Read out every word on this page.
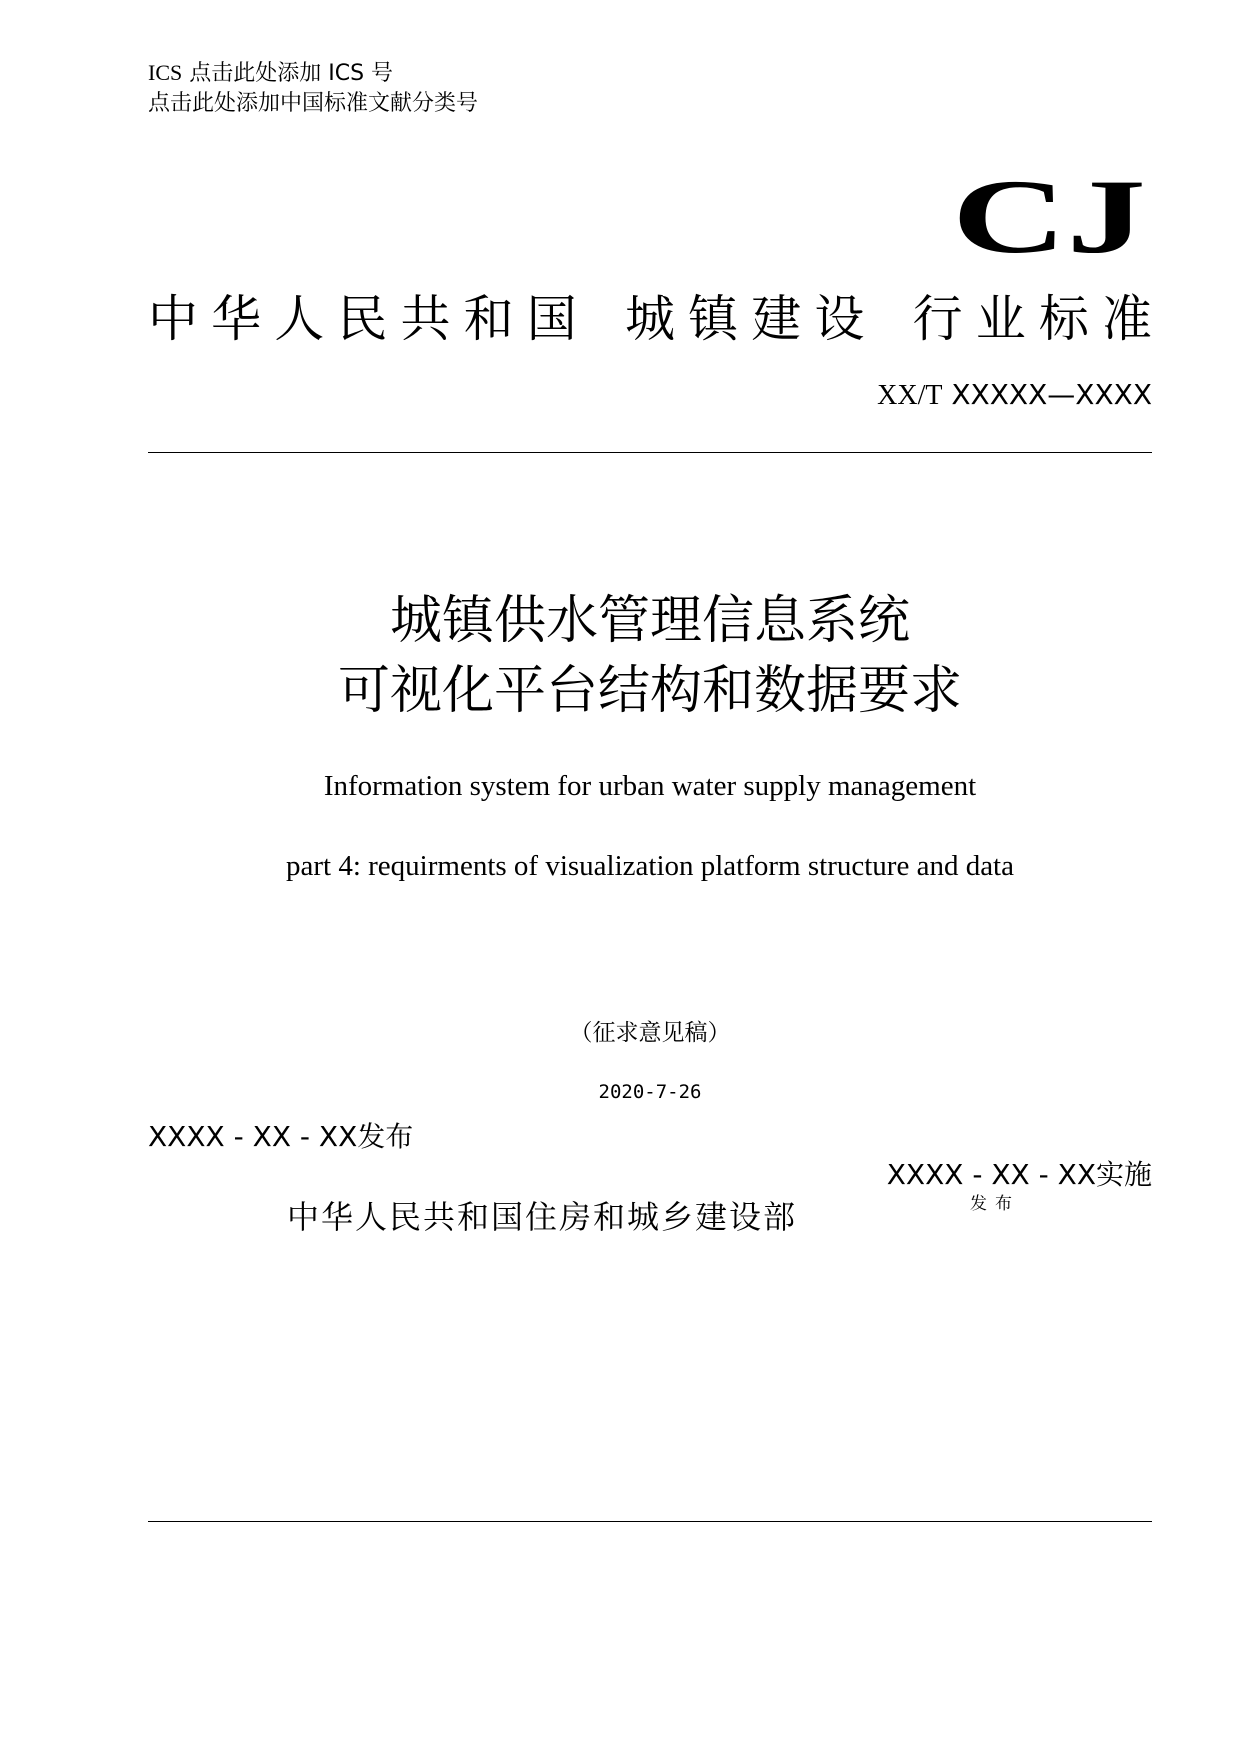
ICS 点击此处添加 ICS 号
点击此处添加中国标准文献分类号
CJ
中 华 人 民 共 和 国 城 镇 建 设 行 业 标 准
XX/T XXXXX—XXXX
城镇供水管理信息系统
可视化平台结构和数据要求
Information system for urban water supply management
part 4: requirments of visualization platform structure and data
（征求意见稿）
2020-7-26
XXXX - XX - XX发布
XXXX - XX - XX实施
中华人民共和国住房和城乡建设部	发布
